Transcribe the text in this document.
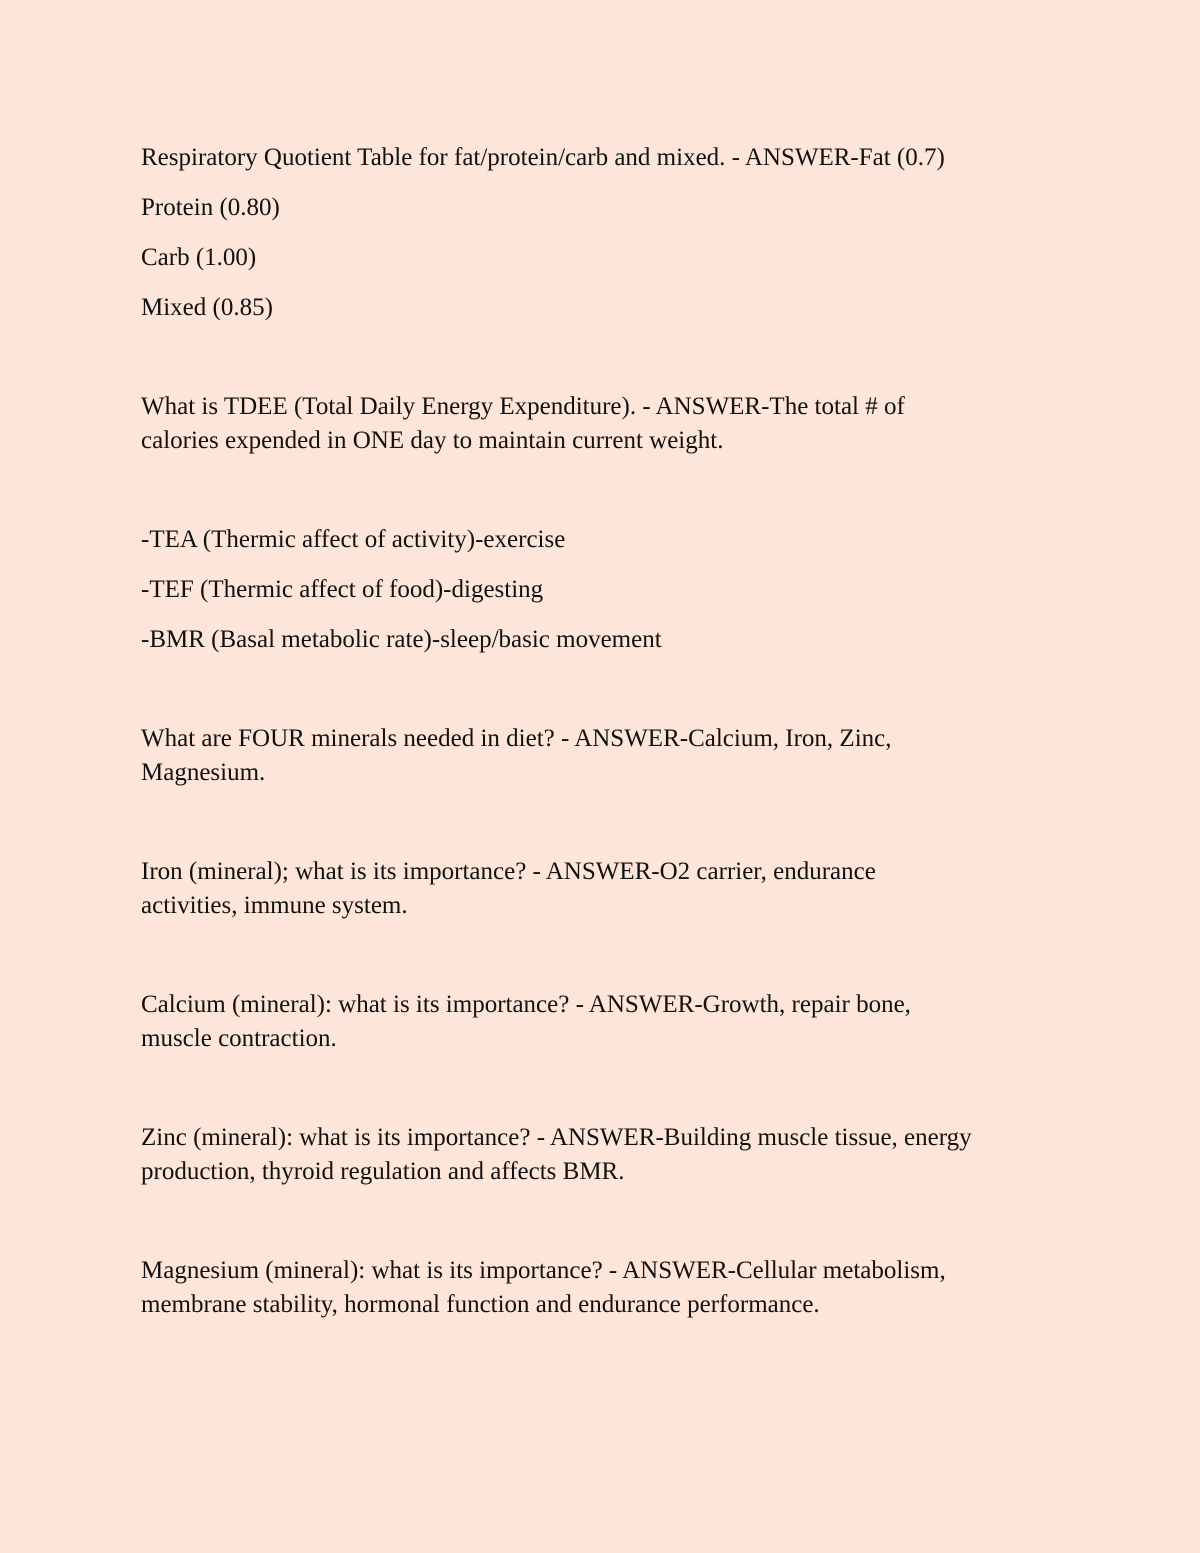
Respiratory Quotient Table for fat/protein/carb and mixed. - ANSWER-Fat (0.7)
Protein (0.80)
Carb (1.00)
Mixed (0.85)
What is TDEE (Total Daily Energy Expenditure). - ANSWER-The total # of
calories expended in ONE day to maintain current weight.
-TEA (Thermic affect of activity)-exercise
-TEF (Thermic affect of food)-digesting
-BMR (Basal metabolic rate)-sleep/basic movement
What are FOUR minerals needed in diet? - ANSWER-Calcium, Iron, Zinc,
Magnesium.
Iron (mineral); what is its importance? - ANSWER-O2 carrier, endurance
activities, immune system.
Calcium (mineral): what is its importance? - ANSWER-Growth, repair bone,
muscle contraction.
Zinc (mineral): what is its importance? - ANSWER-Building muscle tissue, energy
production, thyroid regulation and affects BMR.
Magnesium (mineral): what is its importance? - ANSWER-Cellular metabolism,
membrane stability, hormonal function and endurance performance.
